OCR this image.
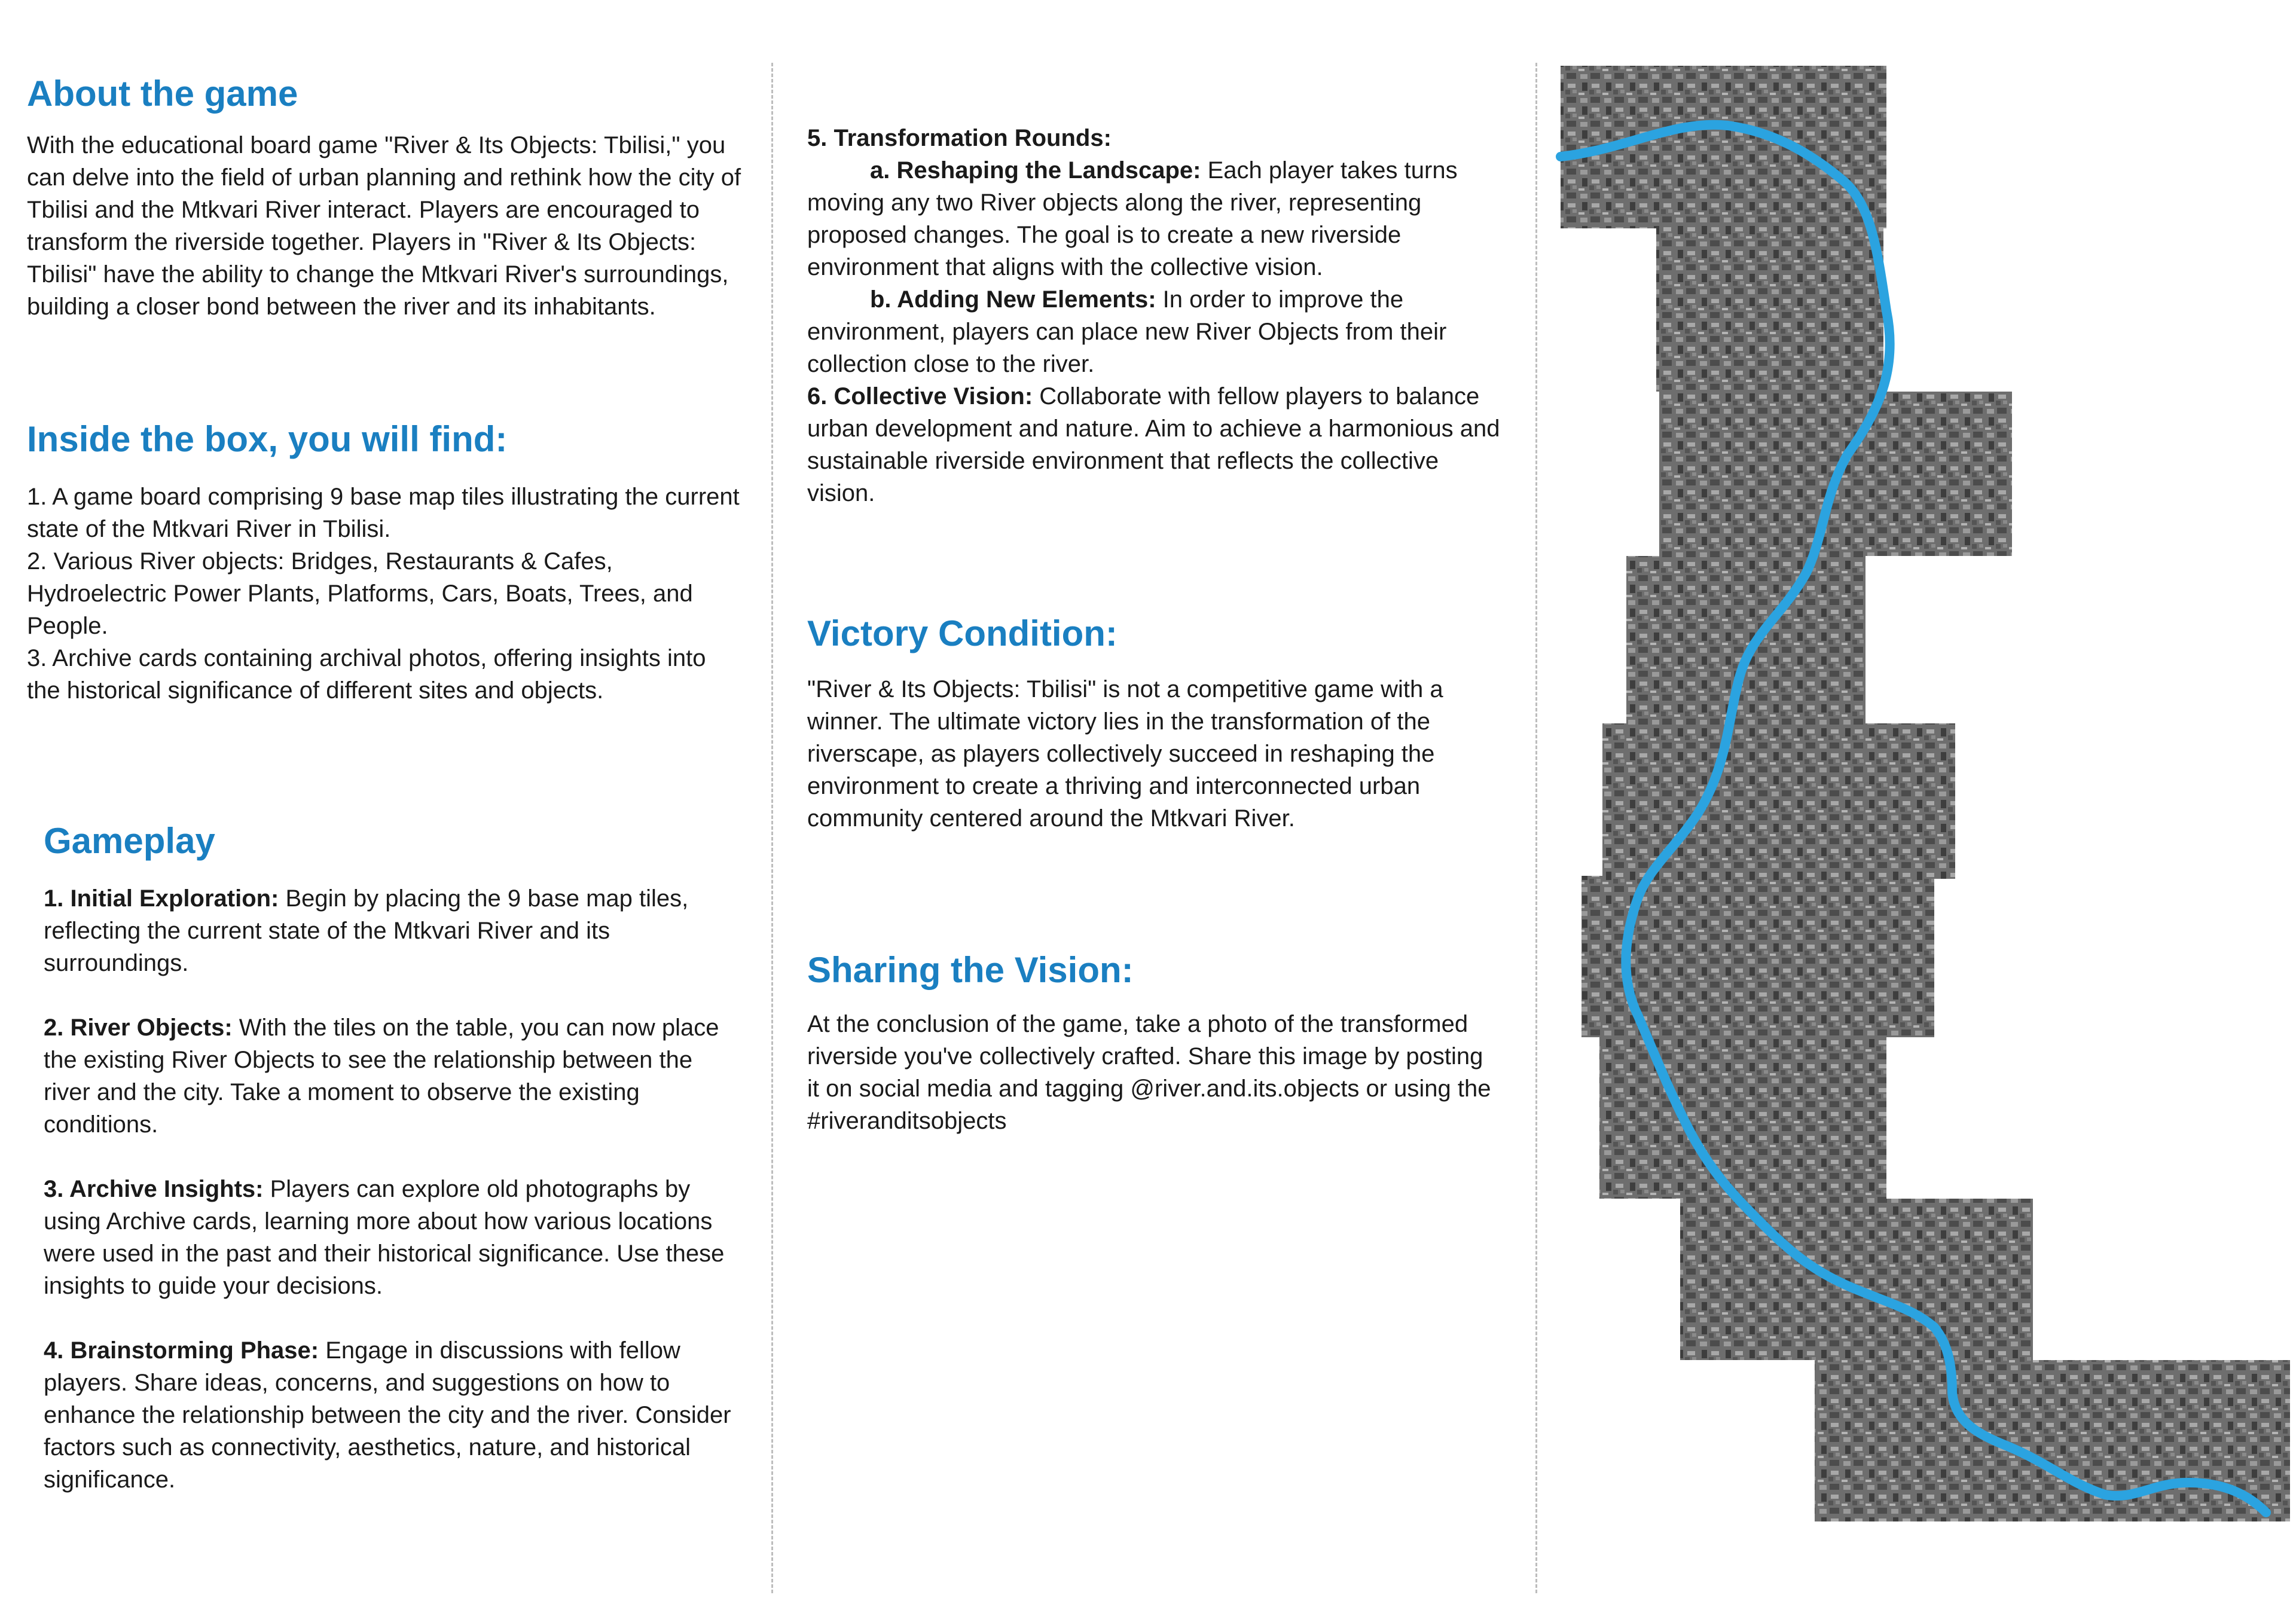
About the game

With the educational board game "River & Its Objects: Tbilisi," you can delve into the field of urban planning and rethink how the city of Tbilisi and the Mtkvari River interact. Players are encouraged to transform the riverside together. Players in "River & Its Objects: Tbilisi" have the ability to change the Mtkvari River's surroundings, building a closer bond between the river and its inhabitants.

Inside the box, you will find:

1. A game board comprising 9 base map tiles illustrating the current state of the Mtkvari River in Tbilisi.

2. Various River objects: Bridges, Restaurants & Cafes, Hydroelectric Power Plants, Platforms, Cars, Boats, Trees, and People.

3. Archive cards containing archival photos, offering insights into the historical significance of different sites and objects.

Gameplay

1. Initial Exploration: Begin by placing the 9 base map tiles, reflecting the current state of the Mtkvari River and its surroundings.

2. River Objects: With the tiles on the table, you can now place the existing River Objects to see the relationship between the river and the city. Take a moment to observe the existing conditions.

3. Archive Insights: Players can explore old photographs by using Archive cards, learning more about how various locations were used in the past and their historical significance. Use these insights to guide your decisions.

4. Brainstorming Phase: Engage in discussions with fellow players. Share ideas, concerns, and suggestions on how to enhance the relationship between the city and the river. Consider factors such as connectivity, aesthetics, nature, and historical significance.

5. Transformation Rounds:

a. Reshaping the Landscape: Each player takes turns moving any two River objects along the river, representing proposed changes. The goal is to create a new riverside environment that aligns with the collective vision.

b. Adding New Elements: In order to improve the environment, players can place new River Objects from their collection close to the river.

6. Collective Vision: Collaborate with fellow players to balance urban development and nature. Aim to achieve a harmonious and sustainable riverside environment that reflects the collective vision.

Victory Condition:

"River & Its Objects: Tbilisi" is not a competitive game with a winner. The ultimate victory lies in the transformation of the riverscape, as players collectively succeed in reshaping the environment to create a thriving and interconnected urban community centered around the Mtkvari River.

Sharing the Vision:

At the conclusion of the game, take a photo of the transformed riverside you've collectively crafted. Share this image by posting it on social media and tagging @river.and.its.objects or using the #riveranditsobjects
